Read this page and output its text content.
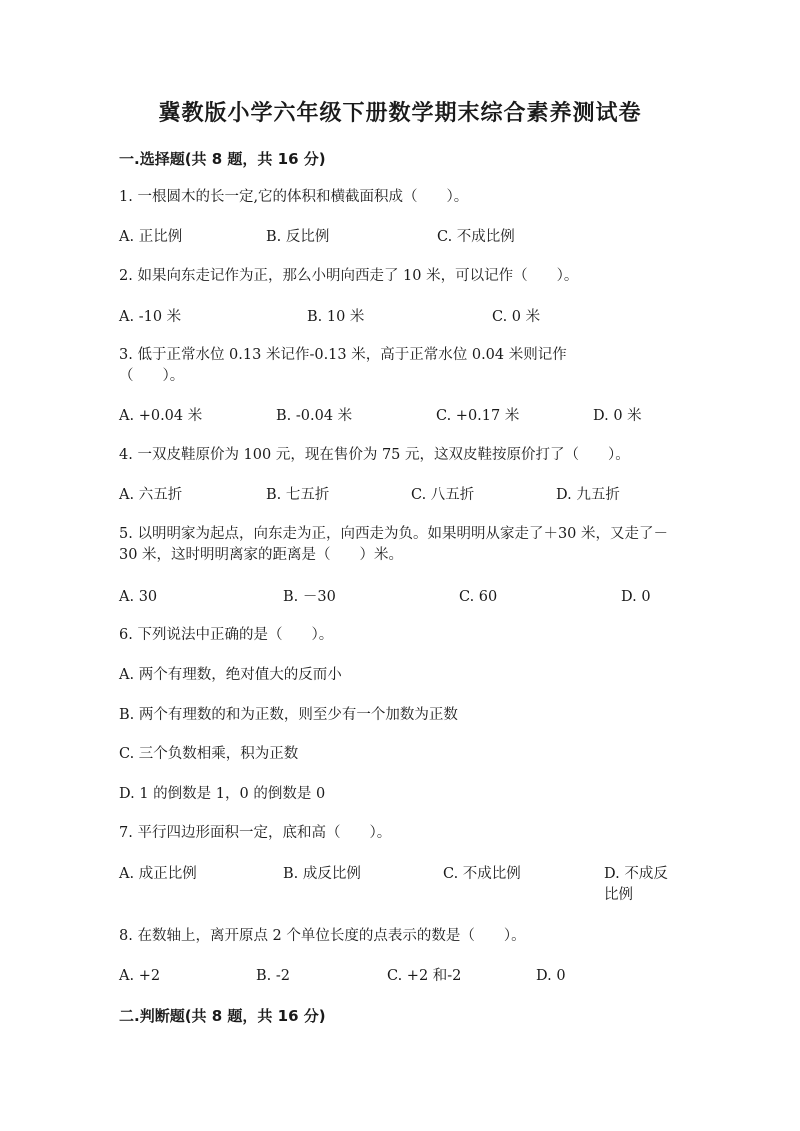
冀教版小学六年级下册数学期末综合素养测试卷
一.选择题(共 8 题，共 16 分)
1. 一根圆木的长一定,它的体积和横截面积成（　　）。
A. 正比例	B. 反比例	C. 不成比例
2. 如果向东走记作为正，那么小明向西走了 10 米，可以记作（　　）。
A. -10 米	B. 10 米	C. 0 米
3. 低于正常水位 0.13 米记作-0.13 米，高于正常水位 0.04 米则记作（　　）。
A. +0.04 米	B. -0.04 米	C. +0.17 米	D. 0 米
4. 一双皮鞋原价为 100 元，现在售价为 75 元，这双皮鞋按原价打了（　　）。
A. 六五折	B. 七五折	C. 八五折	D. 九五折
5. 以明明家为起点，向东走为正，向西走为负。如果明明从家走了＋30 米，又走了－30 米，这时明明离家的距离是（　　）米。
A. 30	B. －30	C. 60	D. 0
6. 下列说法中正确的是（　　）。
A. 两个有理数，绝对值大的反而小
B. 两个有理数的和为正数，则至少有一个加数为正数
C. 三个负数相乘，积为正数
D. 1 的倒数是 1，0 的倒数是 0
7. 平行四边形面积一定，底和高（　　）。
A. 成正比例	B. 成反比例	C. 不成比例	D. 不成反比例
8. 在数轴上，离开原点 2 个单位长度的点表示的数是（　　）。
A. +2	B. -2	C. +2 和-2	D. 0
二.判断题(共 8 题，共 16 分)
